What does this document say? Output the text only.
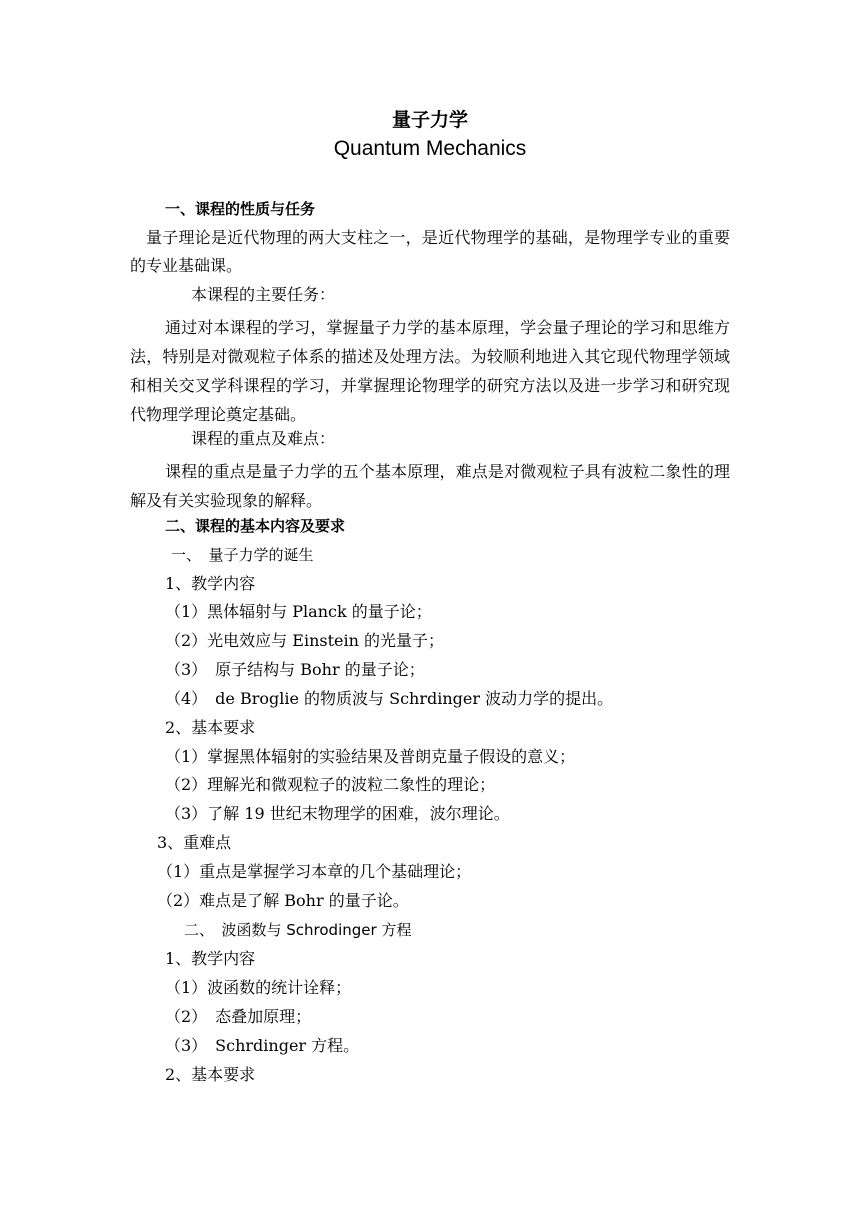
量子力学
Quantum Mechanics
一、课程的性质与任务
量子理论是近代物理的两大支柱之一，是近代物理学的基础，是物理学专业的重要的专业基础课。
本课程的主要任务：
通过对本课程的学习，掌握量子力学的基本原理，学会量子理论的学习和思维方法，特别是对微观粒子体系的描述及处理方法。为较顺利地进入其它现代物理学领域和相关交叉学科课程的学习，并掌握理论物理学的研究方法以及进一步学习和研究现代物理学理论奠定基础。
课程的重点及难点：
课程的重点是量子力学的五个基本原理，难点是对微观粒子具有波粒二象性的理解及有关实验现象的解释。
二、课程的基本内容及要求
一、　量子力学的诞生
1、教学内容
（1）黑体辐射与 Planck 的量子论；
（2）光电效应与 Einstein 的光量子；
（3）　原子结构与 Bohr 的量子论；
（4）　de Broglie 的物质波与 Schrdinger 波动力学的提出。
2、基本要求
（1）掌握黑体辐射的实验结果及普朗克量子假设的意义；
（2）理解光和微观粒子的波粒二象性的理论；
（3）了解 19 世纪末物理学的困难，波尔理论。
3、重难点
（1）重点是掌握学习本章的几个基础理论；
（2）难点是了解 Bohr 的量子论。
二、　波函数与 Schrodinger 方程
1、教学内容
（1）波函数的统计诠释；
（2）　态叠加原理；
（3）　Schrdinger 方程。
2、基本要求
